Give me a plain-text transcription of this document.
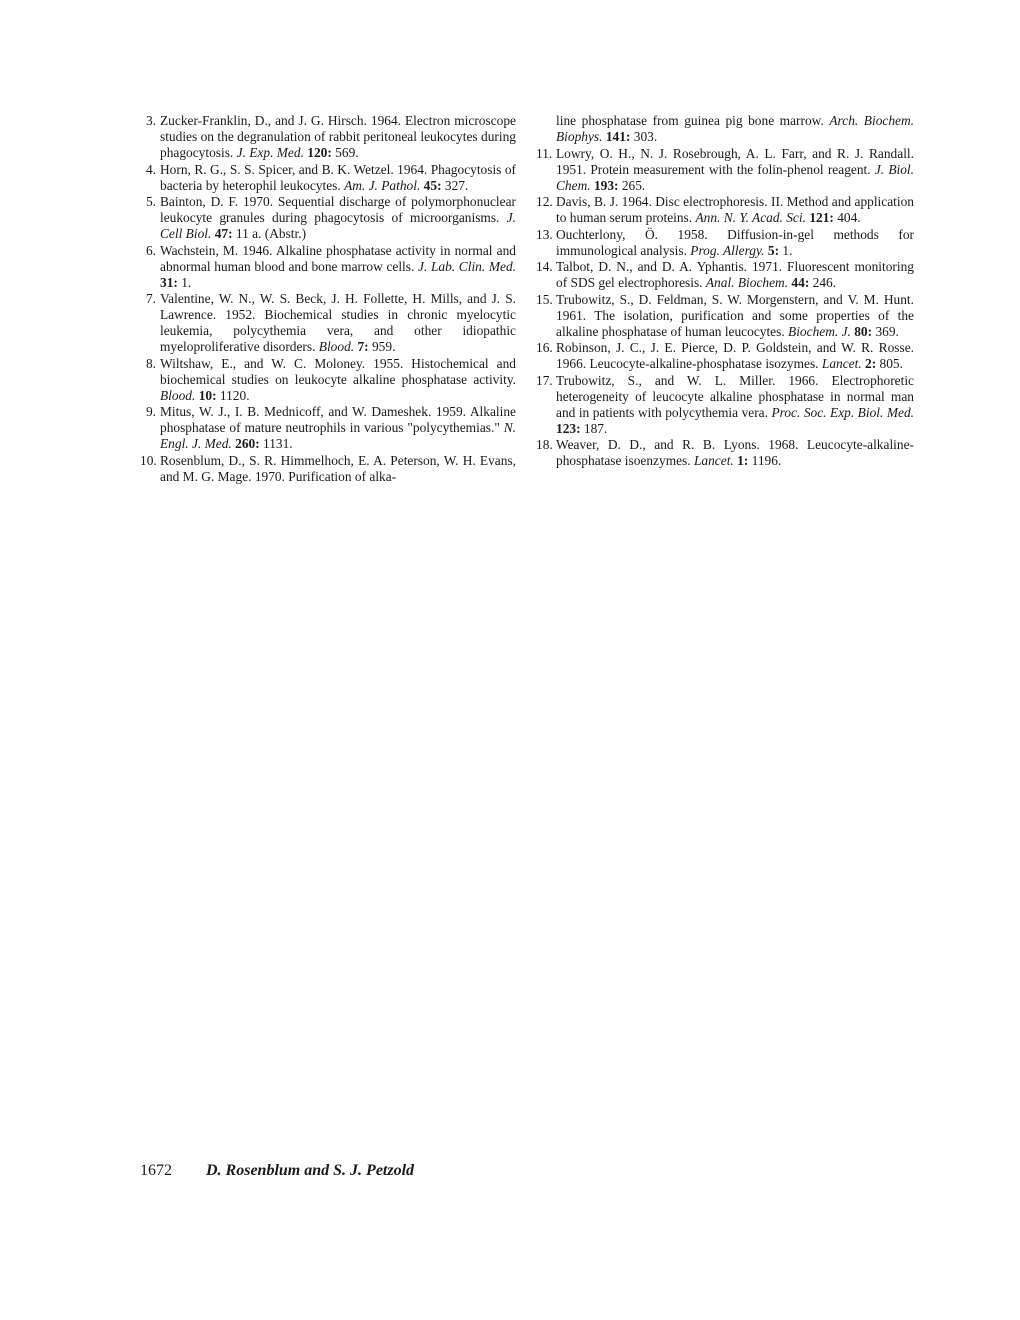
3. Zucker-Franklin, D., and J. G. Hirsch. 1964. Electron microscope studies on the degranulation of rabbit peritoneal leukocytes during phagocytosis. J. Exp. Med. 120: 569.
4. Horn, R. G., S. S. Spicer, and B. K. Wetzel. 1964. Phagocytosis of bacteria by heterophil leukocytes. Am. J. Pathol. 45: 327.
5. Bainton, D. F. 1970. Sequential discharge of polymorphonuclear leukocyte granules during phagocytosis of microorganisms. J. Cell Biol. 47: 11 a. (Abstr.)
6. Wachstein, M. 1946. Alkaline phosphatase activity in normal and abnormal human blood and bone marrow cells. J. Lab. Clin. Med. 31: 1.
7. Valentine, W. N., W. S. Beck, J. H. Follette, H. Mills, and J. S. Lawrence. 1952. Biochemical studies in chronic myelocytic leukemia, polycythemia vera, and other idiopathic myeloproliferative disorders. Blood. 7: 959.
8. Wiltshaw, E., and W. C. Moloney. 1955. Histochemical and biochemical studies on leukocyte alkaline phosphatase activity. Blood. 10: 1120.
9. Mitus, W. J., I. B. Mednicoff, and W. Dameshek. 1959. Alkaline phosphatase of mature neutrophils in various "polycythemias." N. Engl. J. Med. 260: 1131.
10. Rosenblum, D., S. R. Himmelhoch, E. A. Peterson, W. H. Evans, and M. G. Mage. 1970. Purification of alka-
line phosphatase from guinea pig bone marrow. Arch. Biochem. Biophys. 141: 303.
11. Lowry, O. H., N. J. Rosebrough, A. L. Farr, and R. J. Randall. 1951. Protein measurement with the folin-phenol reagent. J. Biol. Chem. 193: 265.
12. Davis, B. J. 1964. Disc electrophoresis. II. Method and application to human serum proteins. Ann. N. Y. Acad. Sci. 121: 404.
13. Ouchterlony, Ö. 1958. Diffusion-in-gel methods for immunological analysis. Prog. Allergy. 5: 1.
14. Talbot, D. N., and D. A. Yphantis. 1971. Fluorescent monitoring of SDS gel electrophoresis. Anal. Biochem. 44: 246.
15. Trubowitz, S., D. Feldman, S. W. Morgenstern, and V. M. Hunt. 1961. The isolation, purification and some properties of the alkaline phosphatase of human leucocytes. Biochem. J. 80: 369.
16. Robinson, J. C., J. E. Pierce, D. P. Goldstein, and W. R. Rosse. 1966. Leucocyte-alkaline-phosphatase isozymes. Lancet. 2: 805.
17. Trubowitz, S., and W. L. Miller. 1966. Electrophoretic heterogeneity of leucocyte alkaline phosphatase in normal man and in patients with polycythemia vera. Proc. Soc. Exp. Biol. Med. 123: 187.
18. Weaver, D. D., and R. B. Lyons. 1968. Leucocyte-alkaline-phosphatase isoenzymes. Lancet. 1: 1196.
1672 D. Rosenblum and S. J. Petzold
